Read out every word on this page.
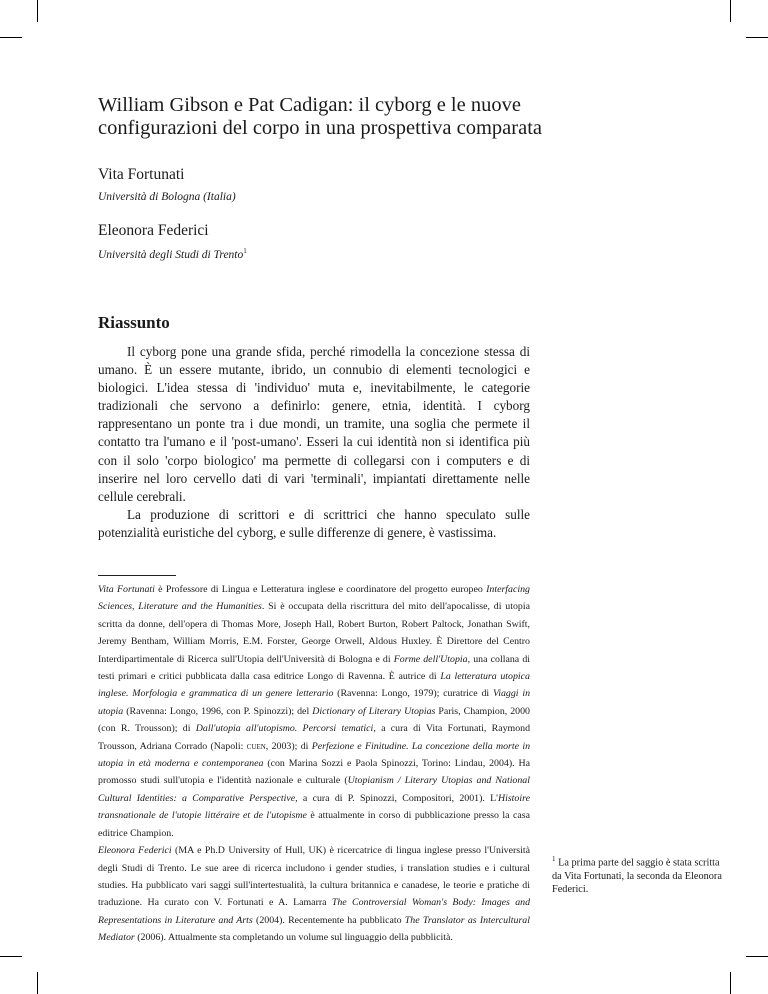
William Gibson e Pat Cadigan: il cyborg e le nuove configurazioni del corpo in una prospettiva comparata
Vita Fortunati
Università di Bologna (Italia)
Eleonora Federici
Università degli Studi di Trento$^1$
Riassunto

Il cyborg pone una grande sfida, perché rimodella la concezione stessa di umano. È un essere mutante, ibrido, un connubio di elementi tecnologici e biologici. L'idea stessa di 'individuo' muta e, inevitabilmente, le categorie tradizionali che servono a definirlo: genere, etnia, identità. I cyborg rappresentano un ponte tra i due mondi, un tramite, una soglia che permete il contatto tra l'umano e il 'post-umano'. Esseri la cui identità non si identifica più con il solo 'corpo biologico' ma permette di collegarsi con i computers e di inserire nel loro cervello dati di vari 'terminali', impiantati direttamente nelle cellule cerebrali.

La produzione di scrittori e di scrittrici che hanno speculato sulle potenzialità euristiche del cyborg, e sulle differenze di genere, è vastissima.

Vita Fortunati è Professore di Lingua e Letteratura inglese e coordinatore del progetto europeo Interfacing Sciences, Literature and the Humanities. Si è occupata della riscrittura del mito dell'apocalisse, di utopia scritta da donne, dell'opera di Thomas More, Joseph Hall, Robert Burton, Robert Paltock, Jonathan Swift, Jeremy Bentham, William Morris, E.M. Forster, George Orwell, Aldous Huxley. È Direttore del Centro Interdipartimentale di Ricerca sull'Utopia dell'Università di Bologna e di Forme dell'Utopia, una collana di testi primari e critici pubblicata dalla casa editrice Longo di Ravenna. È autrice di La letteratura utopica inglese. Morfologia e grammatica di un genere letterario (Ravenna: Longo, 1979); curatrice di Viaggi in utopia (Ravenna: Longo, 1996, con P. Spinozzi); del Dictionary of Literary Utopias Paris, Champion, 2000 (con R. Trousson); di Dall'utopia all'utopismo. Percorsi tematici, a cura di Vita Fortunati, Raymond Trousson, Adriana Corrado (Napoli: cuen, 2003); di Perfezione e Finitudine. La concezione della morte in utopia in età moderna e contemporanea (con Marina Sozzi e Paola Spinozzi, Torino: Lindau, 2004). Ha promosso studi sull'utopia e l'identità nazionale e culturale (Utopianism / Literary Utopias and National Cultural Identities: a Comparative Perspective, a cura di P. Spinozzi, Compositori, 2001). L'Histoire transnationale de l'utopie littéraire et de l'utopisme è attualmente in corso di pubblicazione presso la casa editrice Champion.

Eleonora Federici (MA e Ph.D University of Hull, UK) è ricercatrice di lingua inglese presso l'Università degli Studi di Trento. Le sue aree di ricerca includono i gender studies, i translation studies e i cultural studies. Ha pubblicato vari saggi sull'intertestualità, la cultura britannica e canadese, le teorie e pratiche di traduzione. Ha curato con V. Fortunati e A. Lamarra The Controversial Woman's Body: Images and Representations in Literature and Arts (2004). Recentemente ha pubblicato The Translator as Intercultural Mediator (2006). Attualmente sta completando un volume sul linguaggio della pubblicità.

$^1$ La prima parte del saggio è stata scritta da Vita Fortunati, la seconda da Eleonora Federici.
